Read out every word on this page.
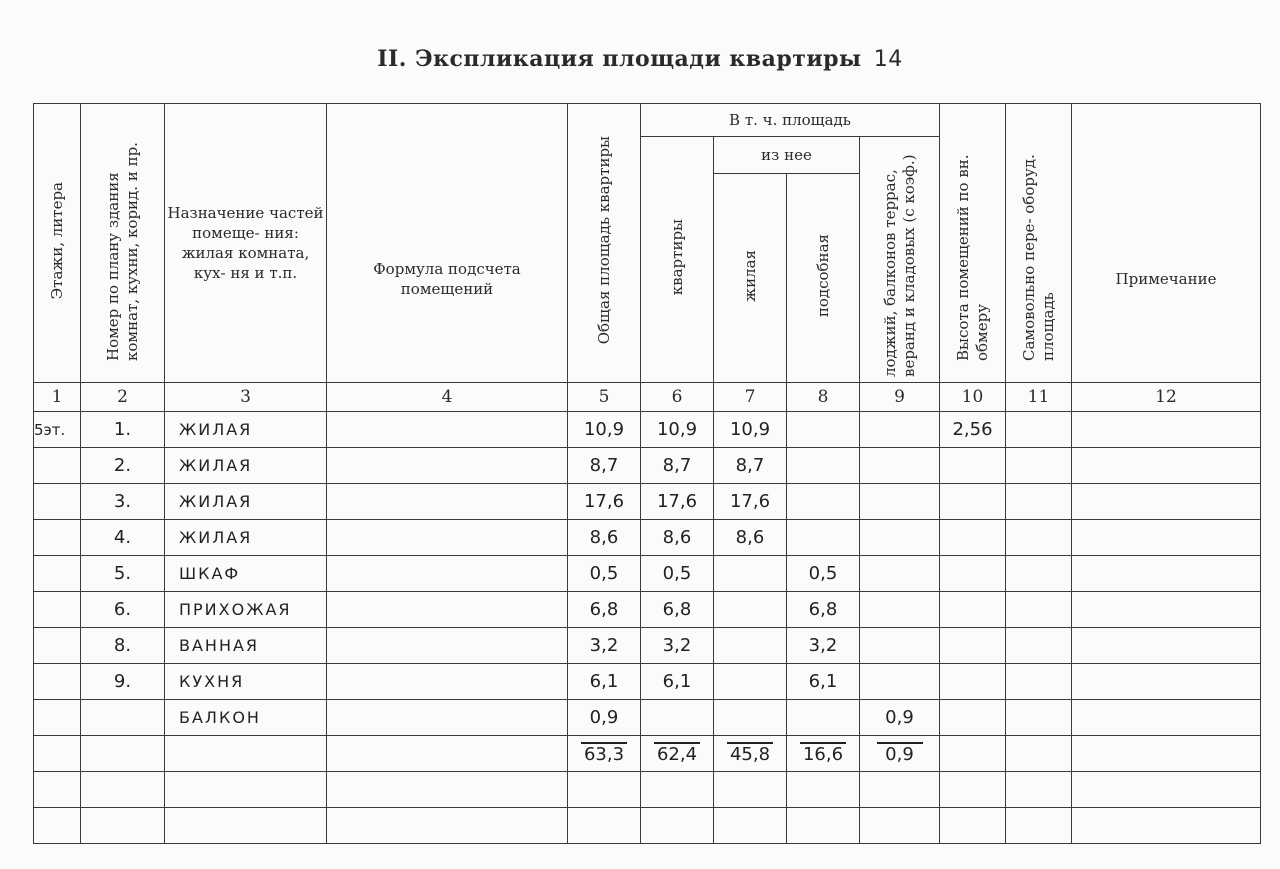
II. Экспликация площади квартиры 14
Этажи, литера	Номер по плану здания комнат, кухни, корид. и пр.	Назначение частей помеще- ния: жилая комната, кух- ня и т.п.	Формула подсчета помещений	Общая площадь квартиры	В т. ч. площадь				Высота помещений по вн. обмеру	Самовольно пере- оборуд. площадь	Примечание
					квартиры	из нее		лоджий, балконов террас, веранд и кладовых (с коэф.)			
						жилая	подсобная				
1	2	3	4	5	6	7	8	9	10	11	12
5эт.	1.	ЖИЛАЯ		10,9	10,9	10,9			2,56		
	2.	ЖИЛАЯ		8,7	8,7	8,7					
	3.	ЖИЛАЯ		17,6	17,6	17,6					
	4.	ЖИЛАЯ		8,6	8,6	8,6					
	5.	ШКАФ		0,5	0,5		0,5				
	6.	ПРИХОЖАЯ		6,8	6,8		6,8				
	8.	ВАННАЯ		3,2	3,2		3,2				
	9.	КУХНЯ		6,1	6,1		6,1				
		БАЛКОН		0,9				0,9			
				63,3	62,4	45,8	16,6	0,9			
